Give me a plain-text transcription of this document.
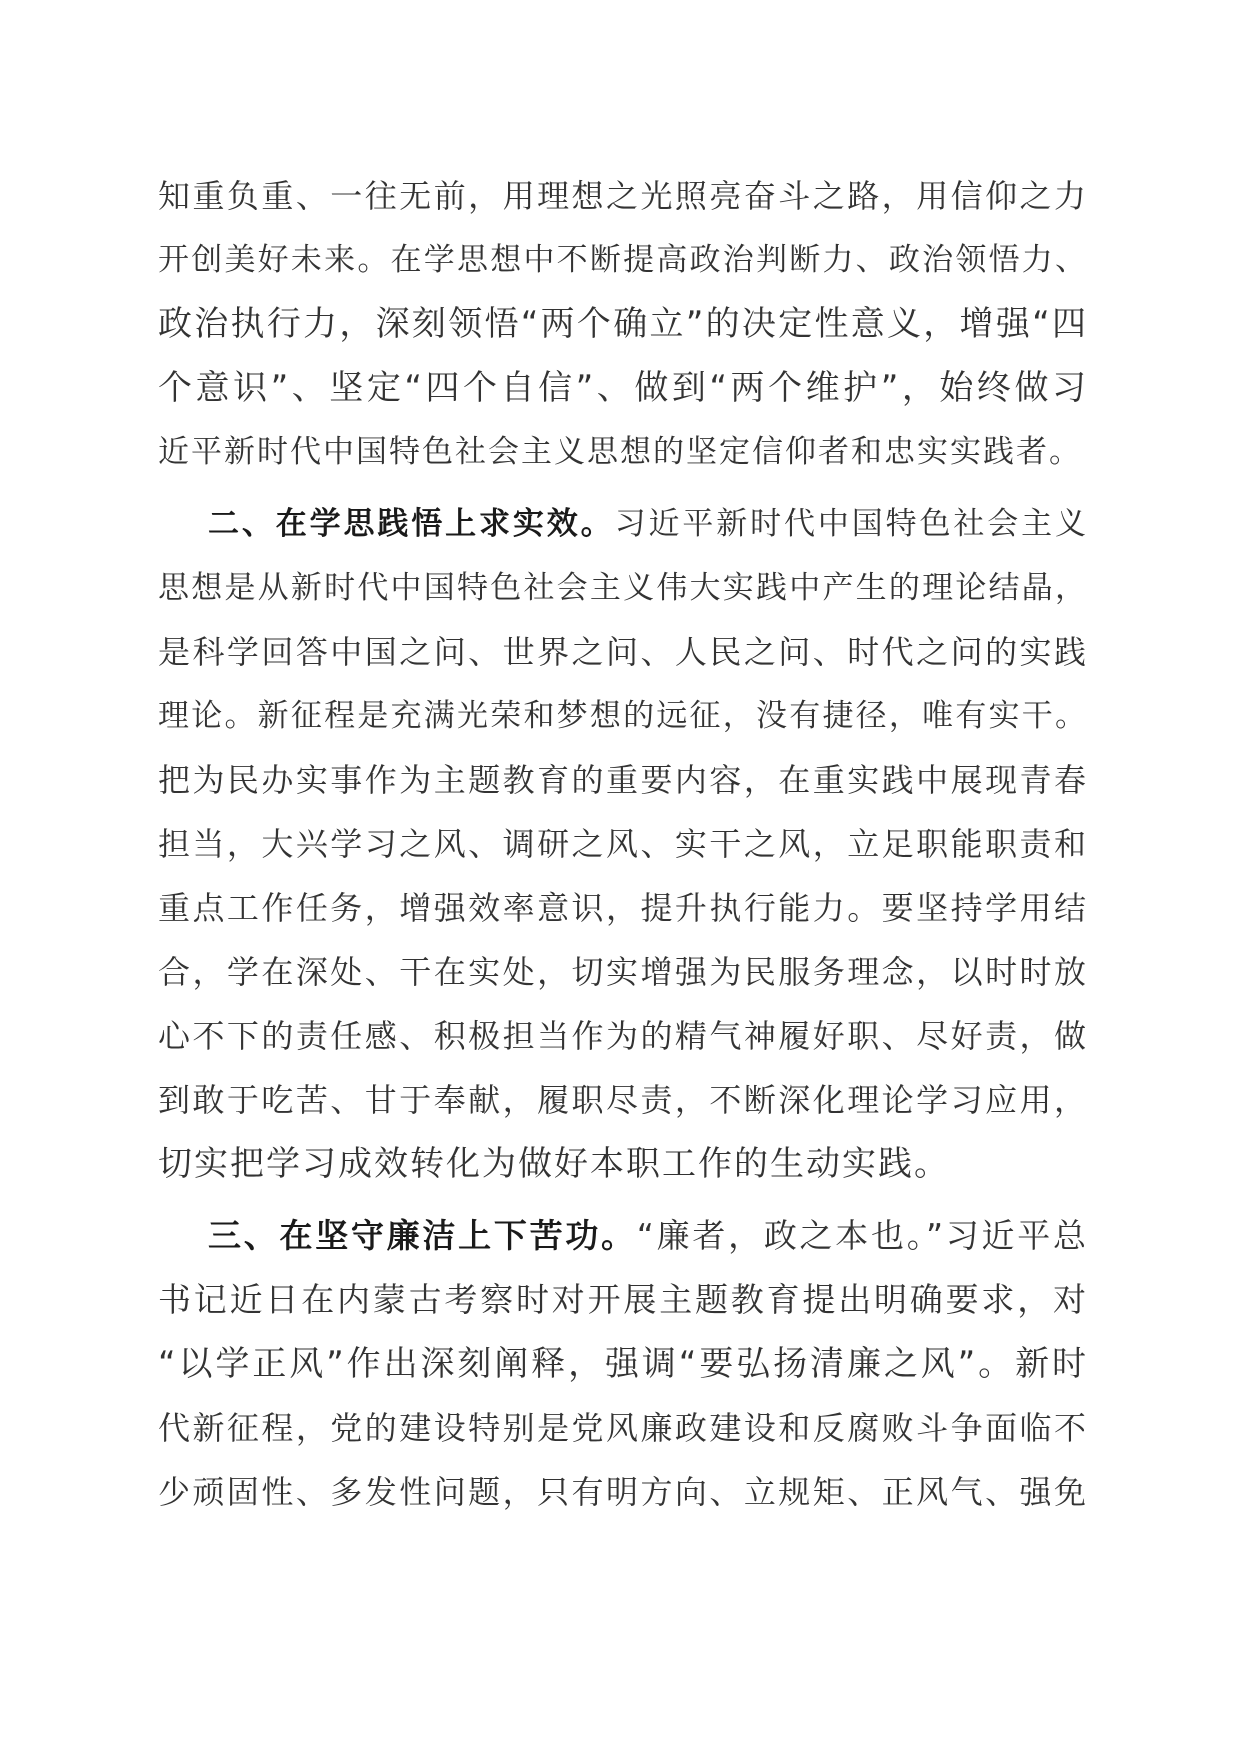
知重负重、一往无前，用理想之光照亮奋斗之路，用信仰之力
开创美好未来。在学思想中不断提高政治判断力、政治领悟力、
政治执行力，深刻领悟“两个确立”的决定性意义，增强“四
个意识”、坚定“四个自信”、做到“两个维护”，始终做习
近平新时代中国特色社会主义思想的坚定信仰者和忠实实践者。
二、在学思践悟上求实效。习近平新时代中国特色社会主义
思想是从新时代中国特色社会主义伟大实践中产生的理论结晶，
是科学回答中国之问、世界之问、人民之问、时代之问的实践
理论。新征程是充满光荣和梦想的远征，没有捷径，唯有实干。
把为民办实事作为主题教育的重要内容，在重实践中展现青春
担当，大兴学习之风、调研之风、实干之风，立足职能职责和
重点工作任务，增强效率意识，提升执行能力。要坚持学用结
合，学在深处、干在实处，切实增强为民服务理念，以时时放
心不下的责任感、积极担当作为的精气神履好职、尽好责，做
到敢于吃苦、甘于奉献，履职尽责，不断深化理论学习应用，
切实把学习成效转化为做好本职工作的生动实践。
三、在坚守廉洁上下苦功。“廉者，政之本也。”习近平总
书记近日在内蒙古考察时对开展主题教育提出明确要求，对
“以学正风”作出深刻阐释，强调“要弘扬清廉之风”。新时
代新征程，党的建设特别是党风廉政建设和反腐败斗争面临不
少顽固性、多发性问题，只有明方向、立规矩、正风气、强免
